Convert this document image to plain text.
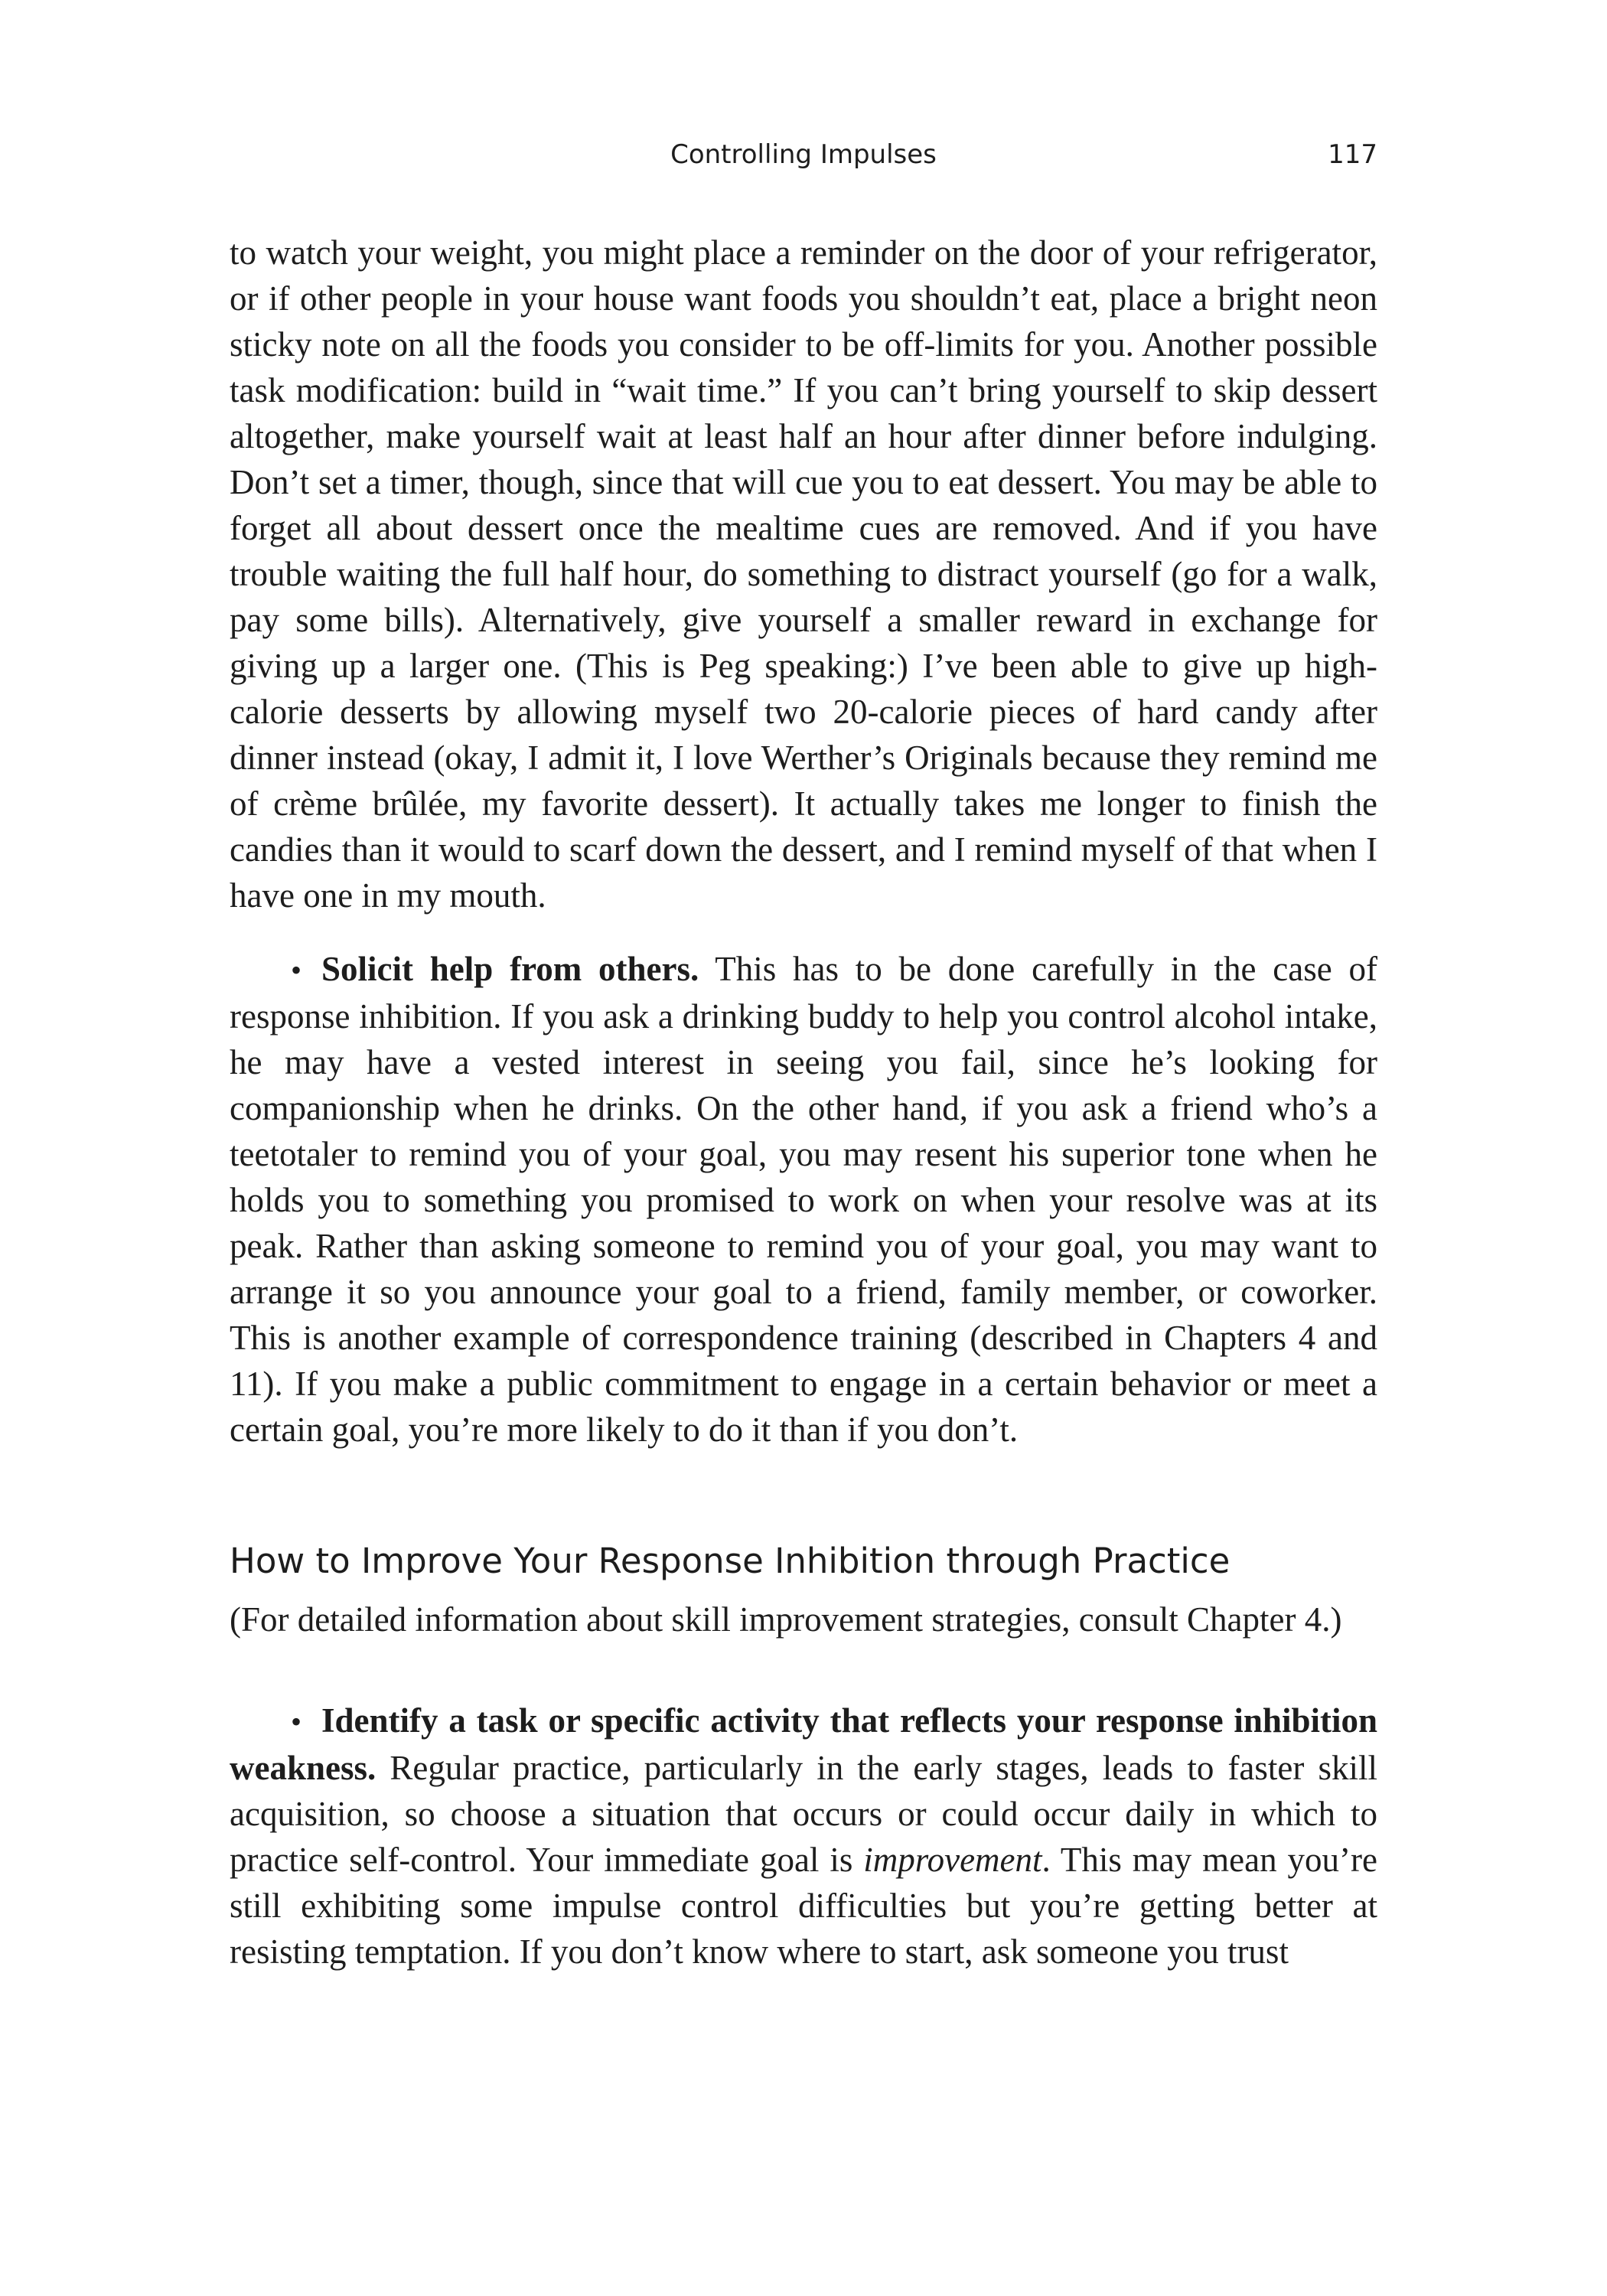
Controlling Impulses	117

to watch your weight, you might place a reminder on the door of your refrigerator, or if other people in your house want foods you shouldn’t eat, place a bright neon sticky note on all the foods you consider to be off-limits for you. Another possible task modification: build in “wait time.” If you can’t bring yourself to skip dessert altogether, make yourself wait at least half an hour after dinner before indulging. Don’t set a timer, though, since that will cue you to eat dessert. You may be able to forget all about dessert once the mealtime cues are removed. And if you have trouble waiting the full half hour, do something to distract yourself (go for a walk, pay some bills). Alternatively, give yourself a smaller reward in exchange for giving up a larger one. (This is Peg speaking:) I’ve been able to give up high-calorie desserts by allowing myself two 20-calorie pieces of hard candy after dinner instead (okay, I admit it, I love Werther’s Originals because they remind me of crème brûlée, my favorite dessert). It actually takes me longer to finish the candies than it would to scarf down the dessert, and I remind myself of that when I have one in my mouth.

• Solicit help from others. This has to be done carefully in the case of response inhibition. If you ask a drinking buddy to help you control alcohol intake, he may have a vested interest in seeing you fail, since he’s looking for companionship when he drinks. On the other hand, if you ask a friend who’s a teetotaler to remind you of your goal, you may resent his superior tone when he holds you to something you promised to work on when your resolve was at its peak. Rather than asking someone to remind you of your goal, you may want to arrange it so you announce your goal to a friend, family member, or coworker. This is another example of correspondence training (described in Chapters 4 and 11). If you make a public commitment to engage in a certain behavior or meet a certain goal, you’re more likely to do it than if you don’t.

How to Improve Your Response Inhibition through Practice

(For detailed information about skill improvement strategies, consult Chapter 4.)

• Identify a task or specific activity that reflects your response inhibition weakness. Regular practice, particularly in the early stages, leads to faster skill acquisition, so choose a situation that occurs or could occur daily in which to practice self-control. Your immediate goal is improvement. This may mean you’re still exhibiting some impulse control difficulties but you’re getting better at resisting temptation. If you don’t know where to start, ask someone you trust
